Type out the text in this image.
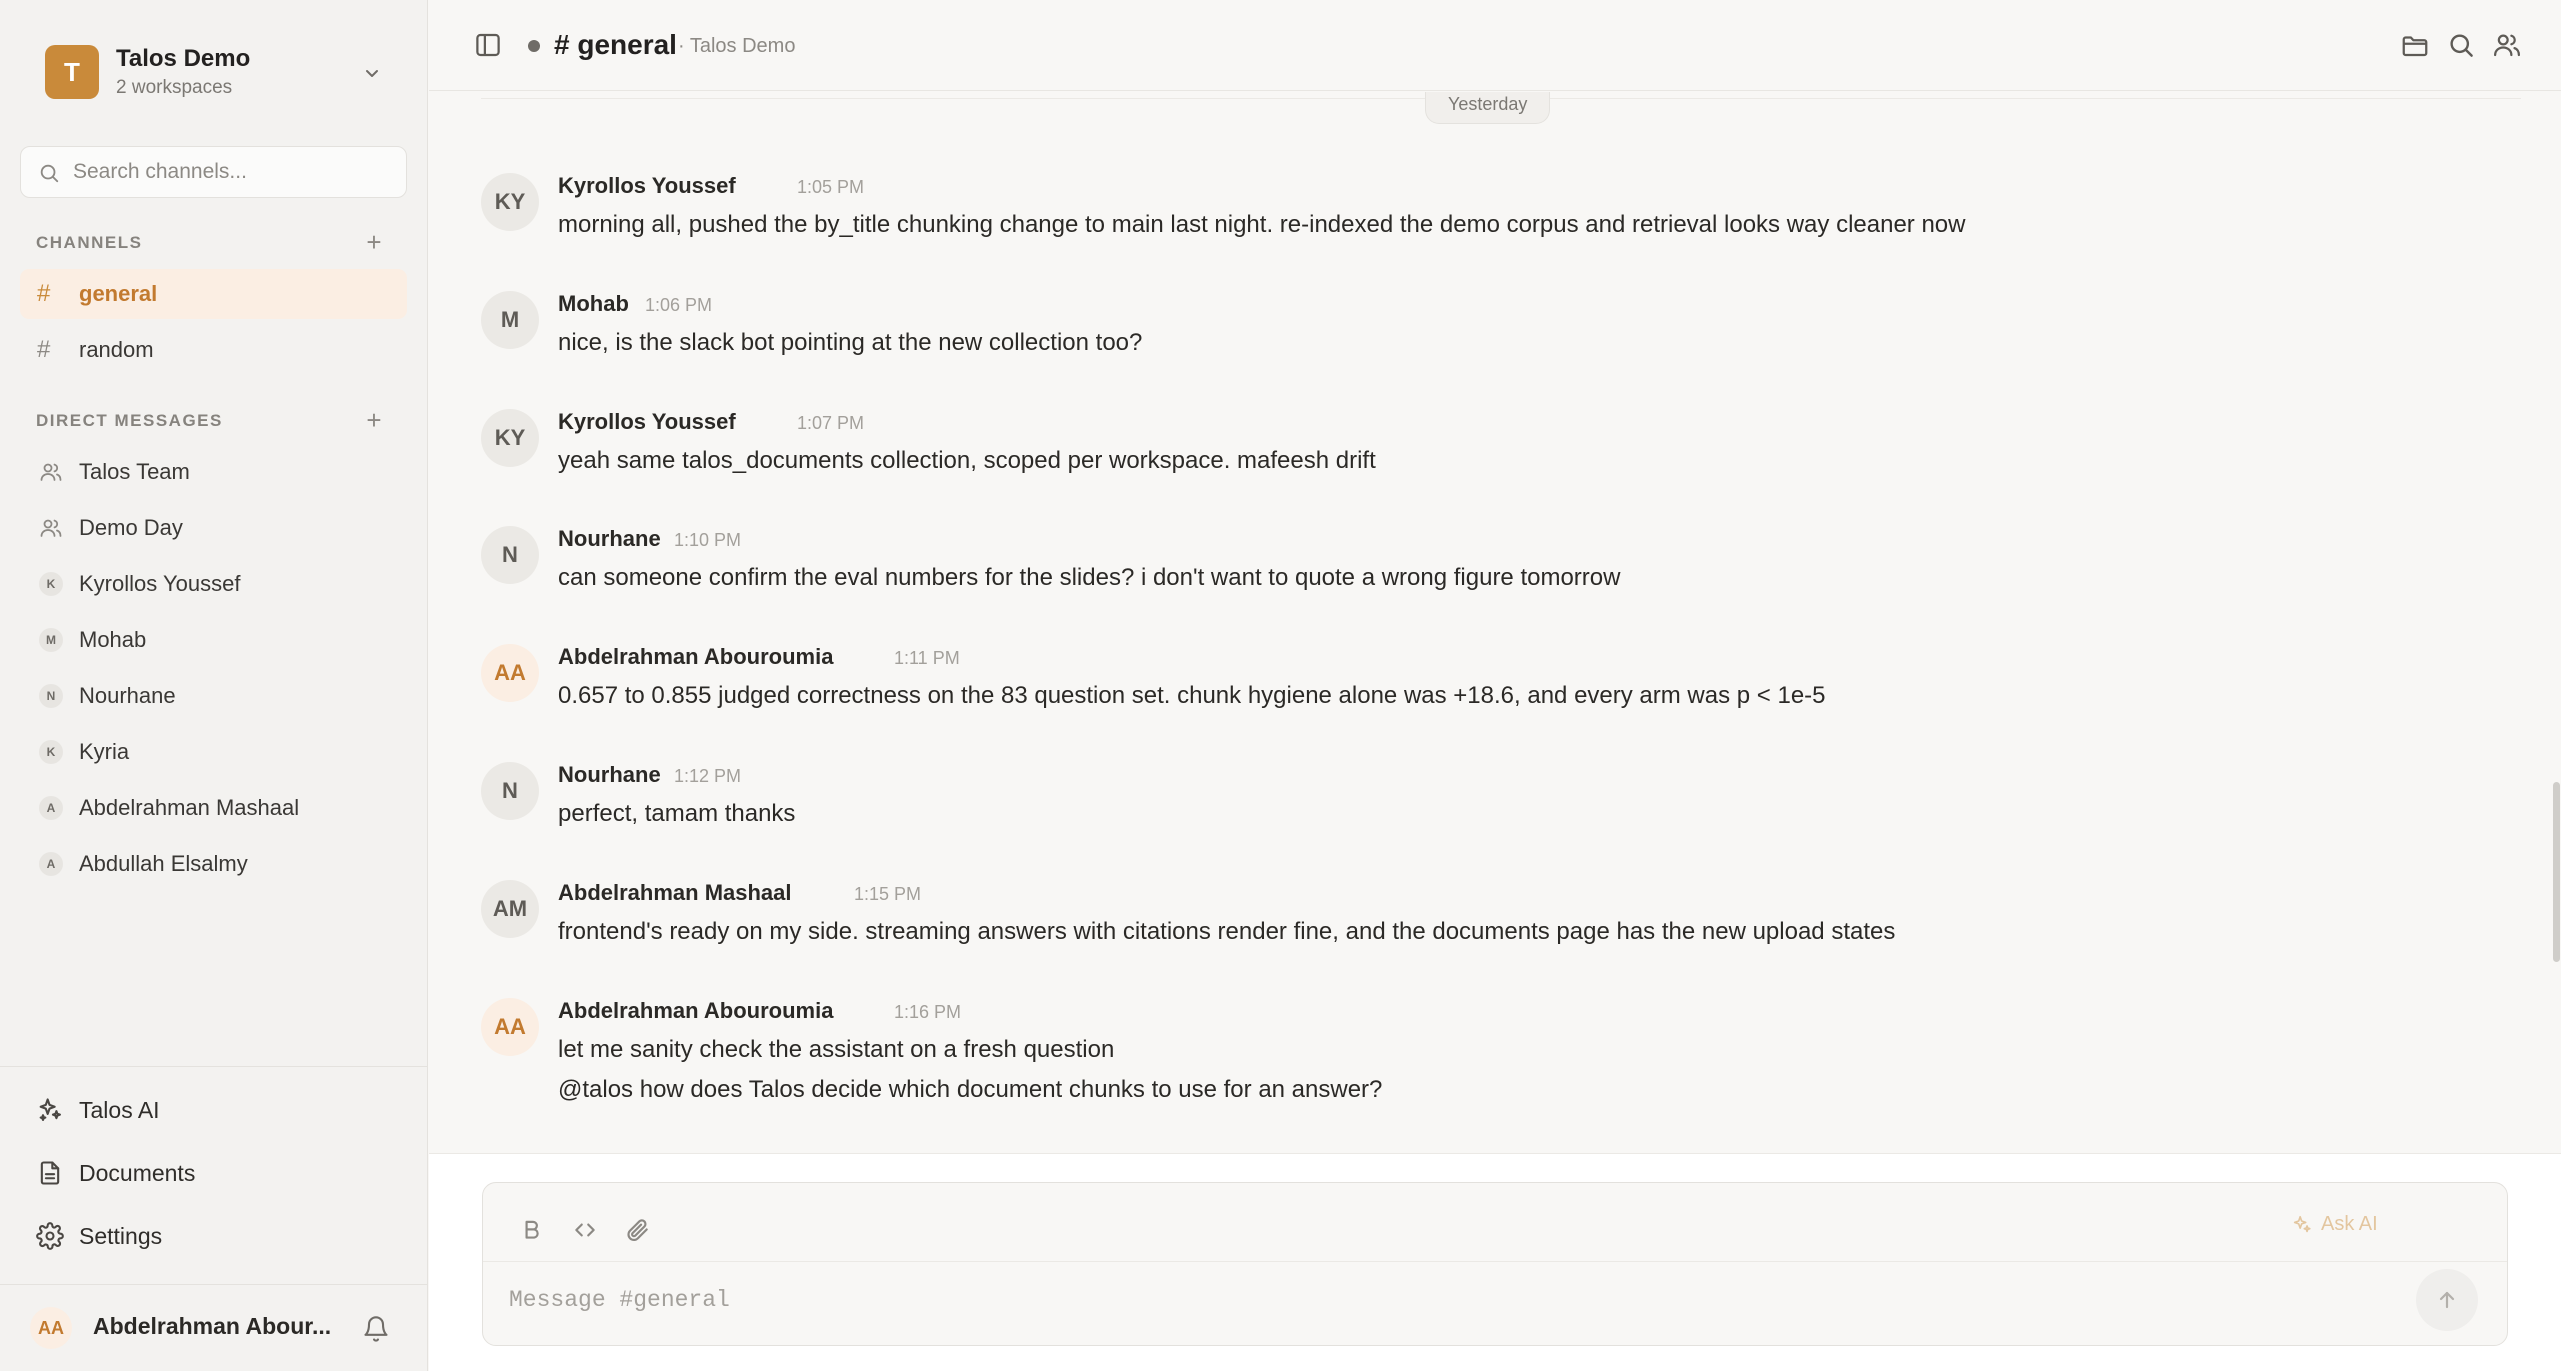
T	Talos Demo
2 workspaces
Search channels...
CHANNELS	+
# general
# random
DIRECT MESSAGES	+
Talos Team
Demo Day
K	Kyrollos Youssef
M	Mohab
N	Nourhane
K	Kyria
A	Abdelrahman Mashaal
A	Abdullah Elsalmy
Talos AI
Documents
Settings
AA	Abdelrahman Abour...
# general · Talos Demo
Yesterday
KY
Kyrollos Youssef	1:05 PM
morning all, pushed the by_title chunking change to main last night. re-indexed the demo corpus and retrieval looks way cleaner now
M
Mohab 1:06 PM
nice, is the slack bot pointing at the new collection too?
KY
Kyrollos Youssef	1:07 PM
yeah same talos_documents collection, scoped per workspace. mafeesh drift
N
Nourhane 1:10 PM
can someone confirm the eval numbers for the slides? i don't want to quote a wrong figure tomorrow
AA
Abdelrahman Abouroumia	1:11 PM
0.657 to 0.855 judged correctness on the 83 question set. chunk hygiene alone was +18.6, and every arm was p < 1e-5
N
Nourhane 1:12 PM
perfect, tamam thanks
AM
Abdelrahman Mashaal	1:15 PM
frontend's ready on my side. streaming answers with citations render fine, and the documents page has the new upload states
AA
Abdelrahman Abouroumia	1:16 PM
let me sanity check the assistant on a fresh question
@talos how does Talos decide which document chunks to use for an answer?
Ask AI
Message #general
